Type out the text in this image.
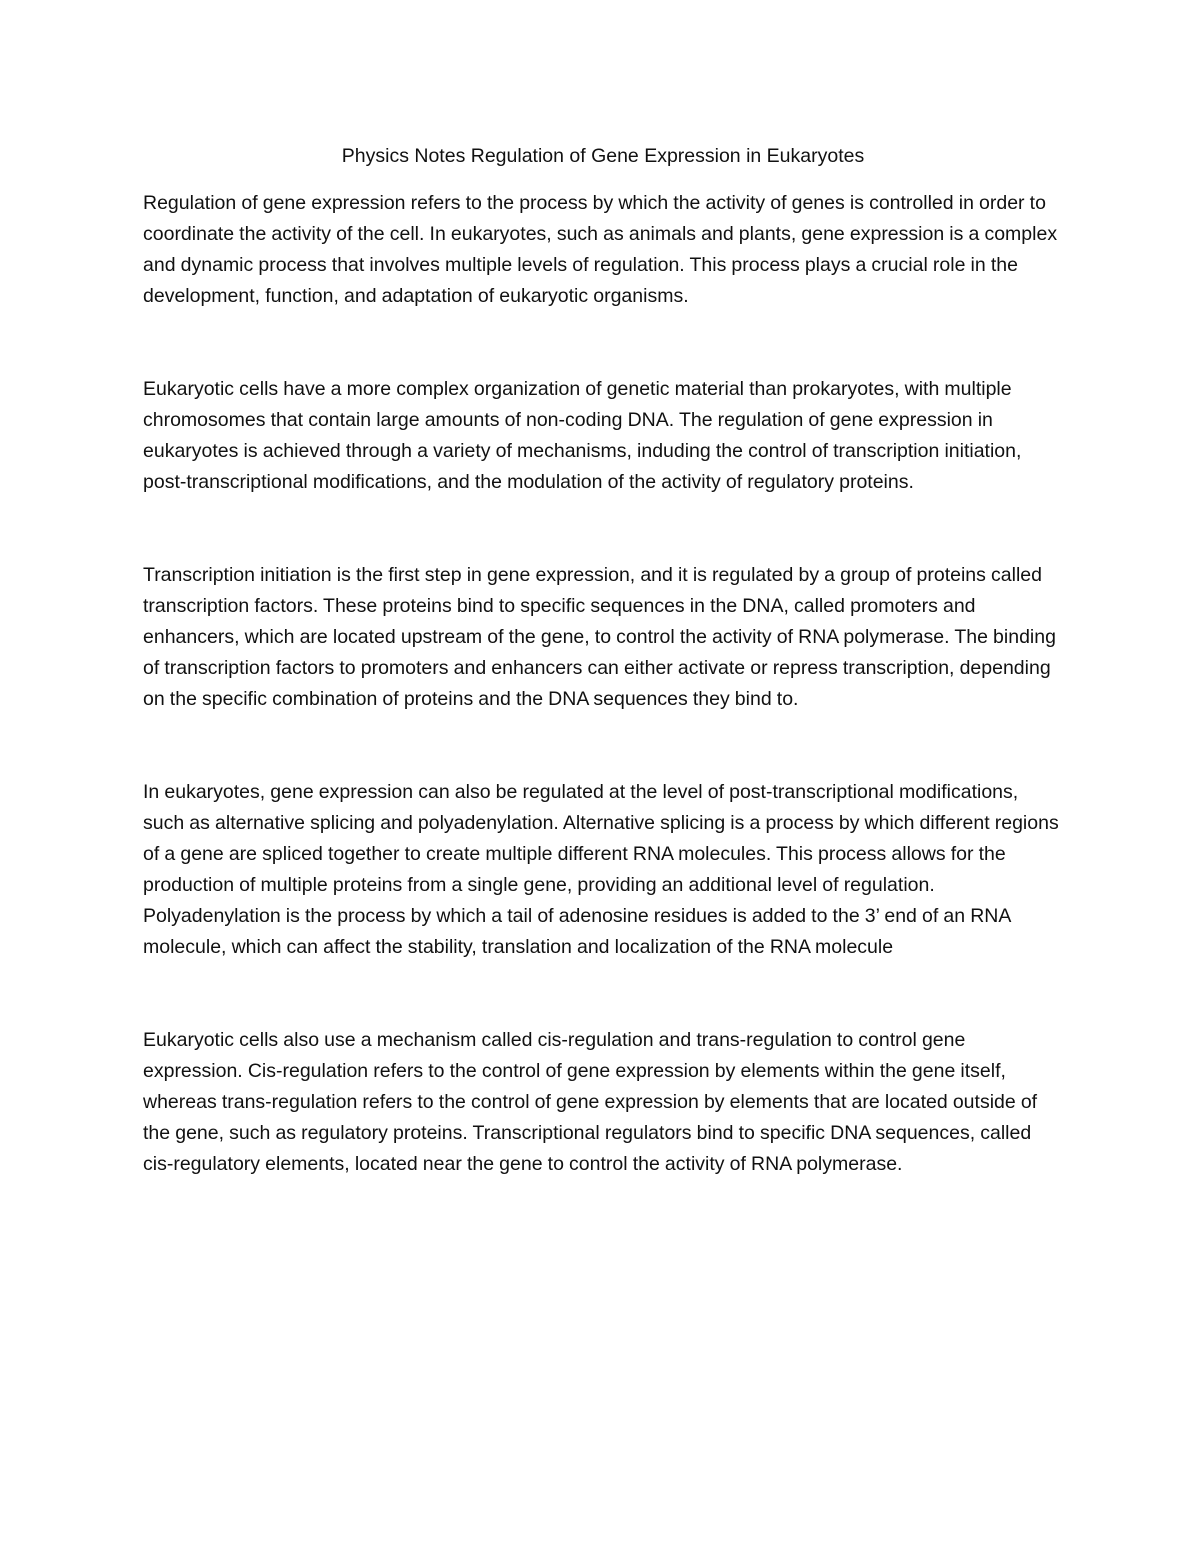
Physics Notes Regulation of Gene Expression in Eukaryotes

Regulation of gene expression refers to the process by which the activity of genes is controlled in order to coordinate the activity of the cell. In eukaryotes, such as animals and plants, gene expression is a complex and dynamic process that involves multiple levels of regulation. This process plays a crucial role in the development, function, and adaptation of eukaryotic organisms.

Eukaryotic cells have a more complex organization of genetic material than prokaryotes, with multiple chromosomes that contain large amounts of non-coding DNA. The regulation of gene expression in eukaryotes is achieved through a variety of mechanisms, induding the control of transcription initiation, post-transcriptional modifications, and the modulation of the activity of regulatory proteins.

Transcription initiation is the first step in gene expression, and it is regulated by a group of proteins called transcription factors. These proteins bind to specific sequences in the DNA, called promoters and enhancers, which are located upstream of the gene, to control the activity of RNA polymerase. The binding of transcription factors to promoters and enhancers can either activate or repress transcription, depending on the specific combination of proteins and the DNA sequences they bind to.

In eukaryotes, gene expression can also be regulated at the level of post-transcriptional modifications, such as alternative splicing and polyadenylation. Alternative splicing is a process by which different regions of a gene are spliced together to create multiple different RNA molecules. This process allows for the production of multiple proteins from a single gene, providing an additional level of regulation. Polyadenylation is the process by which a tail of adenosine residues is added to the 3’ end of an RNA molecule, which can affect the stability, translation and localization of the RNA molecule

Eukaryotic cells also use a mechanism called cis-regulation and trans-regulation to control gene expression. Cis-regulation refers to the control of gene expression by elements within the gene itself, whereas trans-regulation refers to the control of gene expression by elements that are located outside of the gene, such as regulatory proteins. Transcriptional regulators bind to specific DNA sequences, called cis-regulatory elements, located near the gene to control the activity of RNA polymerase.
